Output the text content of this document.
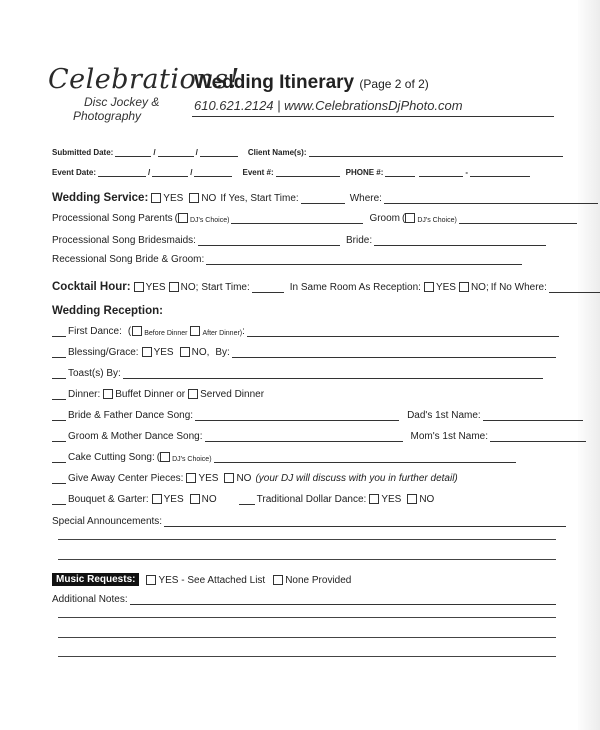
Celebrations!
Disc Jockey &
Photography
Wedding Itinerary (Page 2 of 2)
610.621.2124 | www.CelebrationsDjPhoto.com
Submitted Date:	/	/	Client Name(s):
Event Date:	/	/	Event #:	PHONE #:	-
Wedding Service: YES NO If Yes, Start Time:	Where:
Processional Song Parents ( DJ's Choice)	Groom ( DJ's Choice)
Processional Song Bridesmaids:	Bride:
Recessional Song Bride & Groom:
Cocktail Hour: YES NO; Start Time:	In Same Room As Reception: YES NO; If No Where:
Wedding Reception:
First Dance: ( Before Dinner After Dinner) :
Blessing/Grace: YES NO , By:
Toast(s) By:
Dinner: Buffet Dinner or Served Dinner
Bride & Father Dance Song:	Dad's 1st Name:
Groom & Mother Dance Song:	Mom's 1st Name:
Cake Cutting Song: ( DJ's Choice)
Give Away Center Pieces: YES NO (your DJ will discuss with you in further detail)
Bouquet & Garter: YES NO	Traditional Dollar Dance: YES NO
Special Announcements:
Music Requests:	YES - See Attached List None Provided
Additional Notes:
